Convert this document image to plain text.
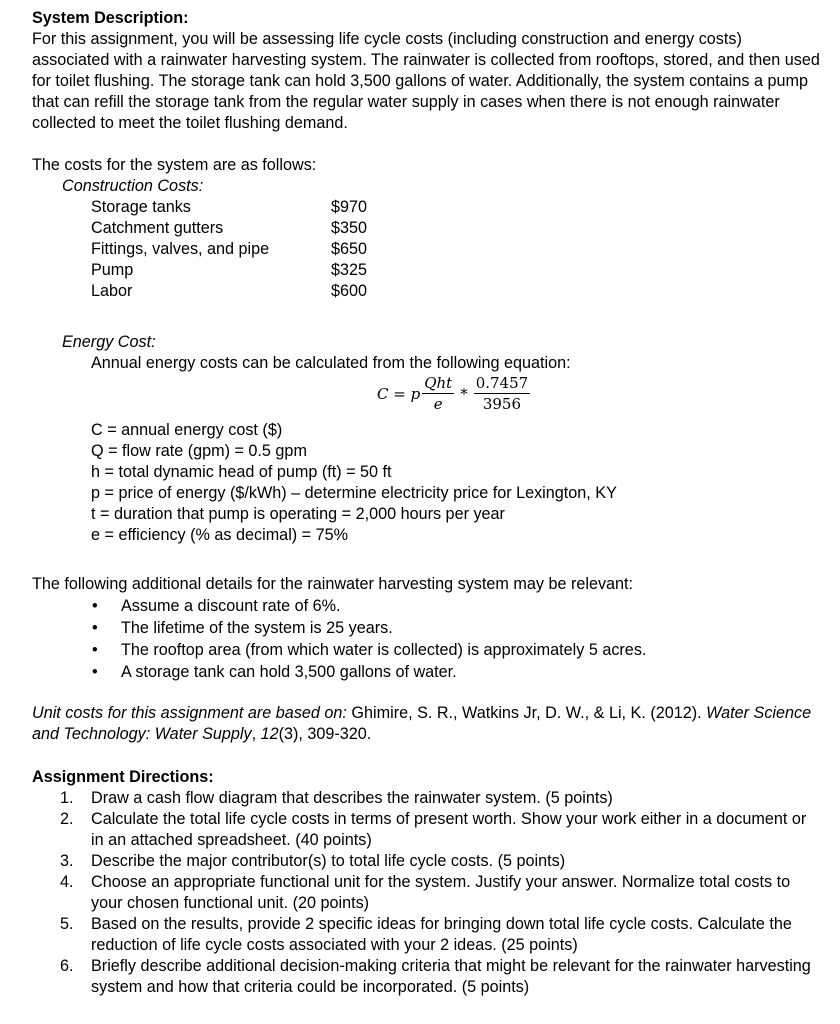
System Description:

For this assignment, you will be assessing life cycle costs (including construction and energy costs) associated with a rainwater harvesting system. The rainwater is collected from rooftops, stored, and then used for toilet flushing. The storage tank can hold 3,500 gallons of water. Additionally, the system contains a pump that can refill the storage tank from the regular water supply in cases when there is not enough rainwater collected to meet the toilet flushing demand.

The costs for the system are as follows:

Construction Costs:

Storage tanks	$970
Catchment gutters	$350
Fittings, valves, and pipe	$650
Pump	$325
Labor	$600

Energy Cost:

Annual energy costs can be calculated from the following equation:

C = p $\frac{\text{Qht}}{e} * \frac{0.7457}{3956}$

C = annual energy cost ($)

Q = flow rate (gpm) = 0.5 gpm

h = total dynamic head of pump (ft) = 50 ft

p = price of energy ($/kWh) – determine electricity price for Lexington, KY

t = duration that pump is operating = 2,000 hours per year

e = efficiency (% as decimal) = 75%

The following additional details for the rainwater harvesting system may be relevant:

• Assume a discount rate of 6%.
• The lifetime of the system is 25 years.
• The rooftop area (from which water is collected) is approximately 5 acres.
• A storage tank can hold 3,500 gallons of water.

Unit costs for this assignment are based on: Ghimire, S. R., Watkins Jr, D. W., & Li, K. (2012). Water Science and Technology: Water Supply, 12(3), 309-320.

Assignment Directions:

1. Draw a cash flow diagram that describes the rainwater system. (5 points)
2. Calculate the total life cycle costs in terms of present worth. Show your work either in a document or in an attached spreadsheet. (40 points)
3. Describe the major contributor(s) to total life cycle costs. (5 points)
4. Choose an appropriate functional unit for the system. Justify your answer. Normalize total costs to your chosen functional unit. (20 points)
5. Based on the results, provide 2 specific ideas for bringing down total life cycle costs. Calculate the reduction of life cycle costs associated with your 2 ideas. (25 points)
6. Briefly describe additional decision-making criteria that might be relevant for the rainwater harvesting system and how that criteria could be incorporated. (5 points)
